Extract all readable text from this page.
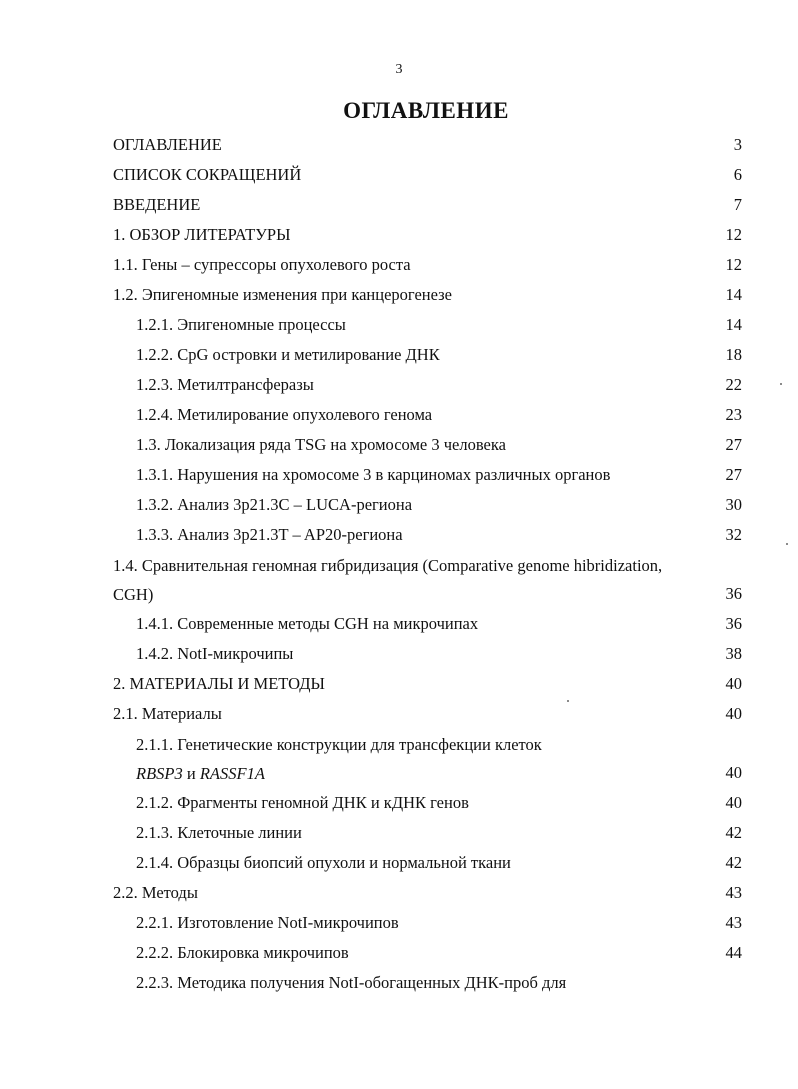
3
ОГЛАВЛЕНИЕ
ОГЛАВЛЕНИЕ	3
СПИСОК СОКРАЩЕНИЙ	6
ВВЕДЕНИЕ	7
1. ОБЗОР ЛИТЕРАТУРЫ	12
1.1. Гены – супрессоры опухолевого роста	12
1.2. Эпигеномные изменения при канцерогенезе	14
1.2.1. Эпигеномные процессы	14
1.2.2. CpG островки и метилирование ДНК	18
1.2.3. Метилтрансферазы	22
1.2.4. Метилирование опухолевого генома	23
1.3. Локализация ряда TSG на хромосоме 3 человека	27
1.3.1. Нарушения на хромосоме 3 в карциномах различных органов	27
1.3.2. Анализ 3p21.3C – LUCA-региона	30
1.3.3. Анализ 3p21.3T – AP20-региона	32
1.4. Сравнительная геномная гибридизация (Comparative genome hibridization,
CGH)	36
1.4.1. Современные методы CGH на микрочипах	36
1.4.2. NotI-микрочипы	38
2. МАТЕРИАЛЫ И МЕТОДЫ	40
2.1. Материалы	40
2.1.1. Генетические конструкции для трансфекции клеток
RBSP3 и RASSF1A	40
2.1.2. Фрагменты геномной ДНК и кДНК генов	40
2.1.3. Клеточные линии	42
2.1.4. Образцы биопсий опухоли и нормальной ткани	42
2.2. Методы	43
2.2.1. Изготовление NotI-микрочипов	43
2.2.2. Блокировка микрочипов	44
2.2.3. Методика получения NotI-обогащенных ДНК-проб для
